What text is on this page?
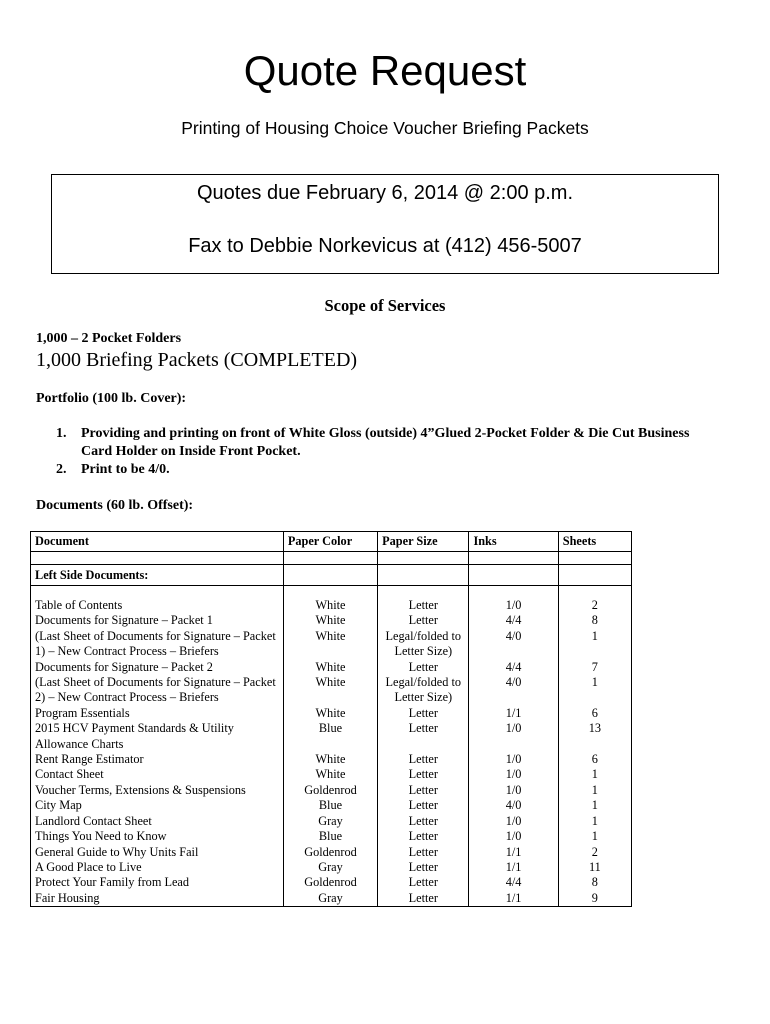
Quote Request
Printing of Housing Choice Voucher Briefing Packets
Quotes due February 6, 2014 @ 2:00 p.m.
Fax to Debbie Norkevicus at (412) 456-5007
Scope of Services
1,000 – 2 Pocket Folders
1,000 Briefing Packets (COMPLETED)
Portfolio (100 lb. Cover):
1. Providing and printing on front of White Gloss (outside) 4”Glued 2-Pocket Folder & Die Cut Business Card Holder on Inside Front Pocket.
2. Print to be 4/0.
Documents (60 lb. Offset):
Document	Paper Color	Paper Size	Inks	Sheets

Left Side Documents:				

Table of Contents	White	Letter	1/0	2
Documents for Signature – Packet 1	White	Letter	4/4	8
(Last Sheet of Documents for Signature – Packet 1) – New Contract Process – Briefers	White	Legal/folded to Letter Size)	4/0	1
Documents for Signature – Packet 2	White	Letter	4/4	7
(Last Sheet of Documents for Signature – Packet 2) – New Contract Process – Briefers	White	Legal/folded to Letter Size)	4/0	1
Program Essentials	White	Letter	1/1	6
2015 HCV Payment Standards & Utility Allowance Charts	Blue	Letter	1/0	13
Rent Range Estimator	White	Letter	1/0	6
Contact Sheet	White	Letter	1/0	1
Voucher Terms, Extensions & Suspensions	Goldenrod	Letter	1/0	1
City Map	Blue	Letter	4/0	1
Landlord Contact Sheet	Gray	Letter	1/0	1
Things You Need to Know	Blue	Letter	1/0	1
General Guide to Why Units Fail	Goldenrod	Letter	1/1	2
A Good Place to Live	Gray	Letter	1/1	11
Protect Your Family from Lead	Goldenrod	Letter	4/4	8
Fair Housing	Gray	Letter	1/1	9
